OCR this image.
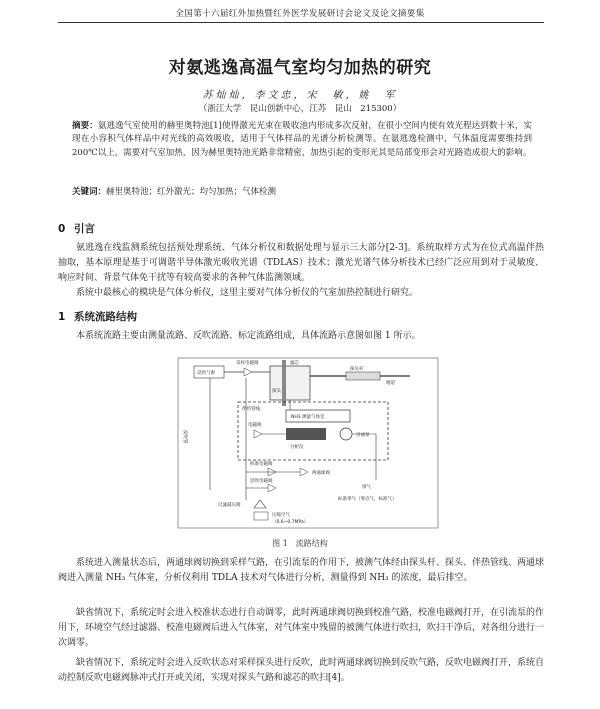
全国第十六届红外加热暨红外医学发展研讨会论文及论文摘要集
对氨逃逸高温气室均匀加热的研究
苏灿灿，李文忠，宋　敏，姚　军
（浙江大学　昆山创新中心，江苏　昆山　215300）
摘要：氨逃逸气室使用的赫里奥特池[1]使得激光光束在吸收池内形成多次反射，在很小空间内使有效光程达到数十米，实现在小容积气体样品中对光线的高效吸收，适用于气体样品的光谱分析检测等。在氨逃逸检测中，气体温度需要维持到 200℃以上，需要对气室加热，因为赫里奥特池光路非常精密，加热引起的变形光其是局部变形会对光路造成很大的影响。
关键词：赫里奥特池；红外激光；均匀加热；气体检测
0 引言
氨逃逸在线监测系统包括预处理系统、气体分析仪和数据处理与显示三大部分[2-3]。系统取样方式为在位式高温伴热抽取，基本原理是基于可调谐半导体激光吸收光谱（TDLAS）技术；激光光谱气体分析技术已经广泛应用到对于灵敏度、响应时间、背景气体免干扰等有较高要求的各种气体监测领域。
系统中最核心的模块是气体分析仪，这里主要对气体分析仪的气室加热控制进行研究。
1 系统流路结构
本系统流路主要由测量流路、反吹流路、标定流路组成，具体流路示意图如图 1 所示。
探头杆
烟道
探头
滤芯
反吹气源
采样电磁阀
伴热管线
NH3 测量气体室
分析仪
引流泵
电磁阀
校准电磁阀
两通球阀
反吹电磁阀
过滤减压阀
压缩空气
（0.6~0.7MPa）
排气
标准零气（零点气、标准气）
反吹管
图 1　流路结构
系统进入测量状态后，两通球阀切换到采样气路，在引流泵的作用下，被测气体经由探头杆、探头、伴热管线、两通球阀进入测量 NH₃ 气体室，分析仪利用 TDLA 技术对气体进行分析，测量得到 NH₃ 的浓度，最后排空。
缺省情况下，系统定时会进入校准状态进行自动调零，此时两通球阀切换到校准气路，校准电磁阀打开，在引流泵的作用下，环境空气经过滤器、校准电磁阀后进入气体室，对气体室中残留的被测气体进行吹扫，吹扫干净后，对各组分进行一次调零。
缺省情况下，系统定时会进入反吹状态对采样探头进行反吹，此时两通球阀切换到反吹气路，反吹电磁阀打开，系统自动控制反吹电磁阀脉冲式打开或关闭，实现对探头气路和滤芯的吹扫[4]。
